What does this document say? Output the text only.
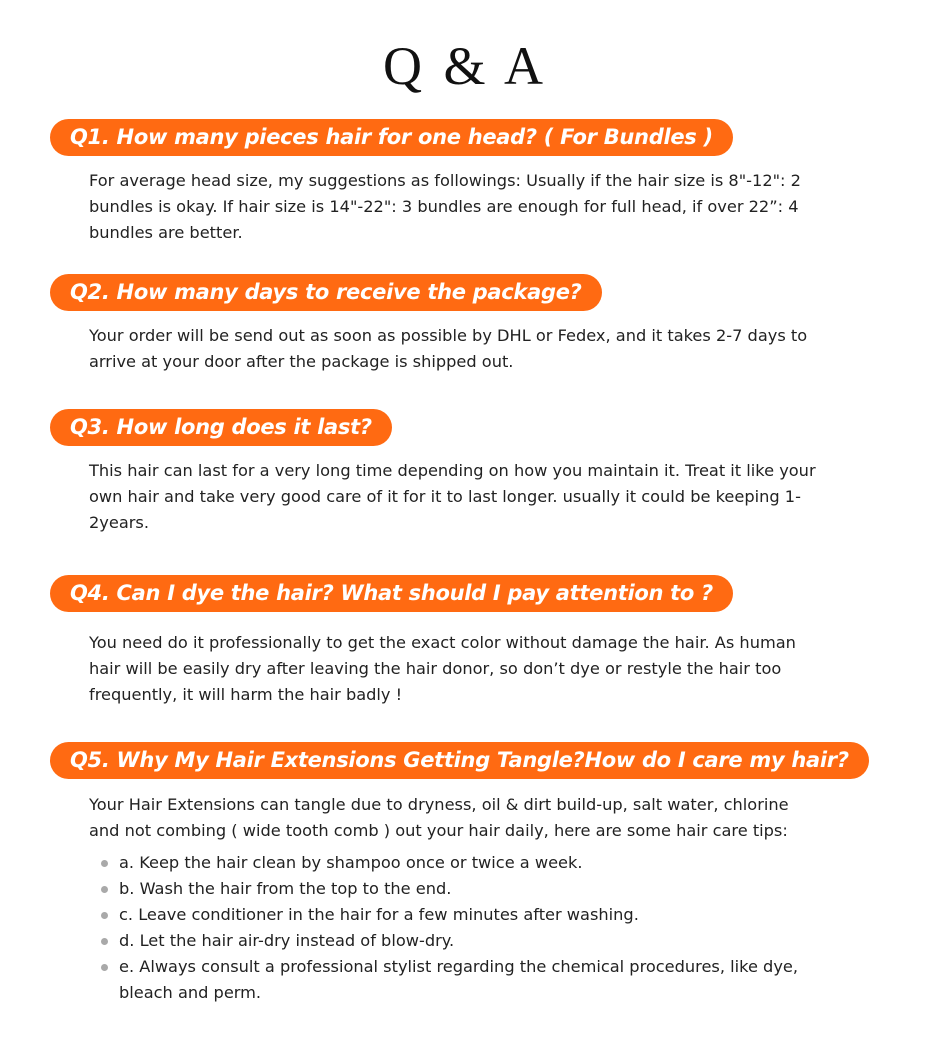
Q & A
Q1. How many pieces hair for one head? ( For Bundles )
For average head size, my suggestions as followings: Usually if the hair size is 8"-12": 2 bundles is okay. If hair size is 14"-22": 3 bundles are enough for full head, if over 22”: 4 bundles are better.
Q2. How many days to receive the package?
Your order will be send out as soon as possible by DHL or Fedex, and it takes 2-7 days to arrive at your door after the package is shipped out.
Q3. How long does it last?
This hair can last for a very long time depending on how you maintain it. Treat it like your own hair and take very good care of it for it to last longer. usually it could be keeping 1-2years.
Q4. Can I dye the hair? What should I pay attention to ?
You need do it professionally to get the exact color without damage the hair. As human hair will be easily dry after leaving the hair donor, so don’t dye or restyle the hair too frequently, it will harm the hair badly !
Q5. Why My Hair Extensions Getting Tangle?How do I care my hair?
Your Hair Extensions can tangle due to dryness, oil & dirt build-up, salt water, chlorine and not combing ( wide tooth comb ) out your hair daily, here are some hair care tips:
a. Keep the hair clean by shampoo once or twice a week.
b. Wash the hair from the top to the end.
c. Leave conditioner in the hair for a few minutes after washing.
d. Let the hair air-dry instead of blow-dry.
e. Always consult a professional stylist regarding the chemical procedures, like dye, bleach and perm.
